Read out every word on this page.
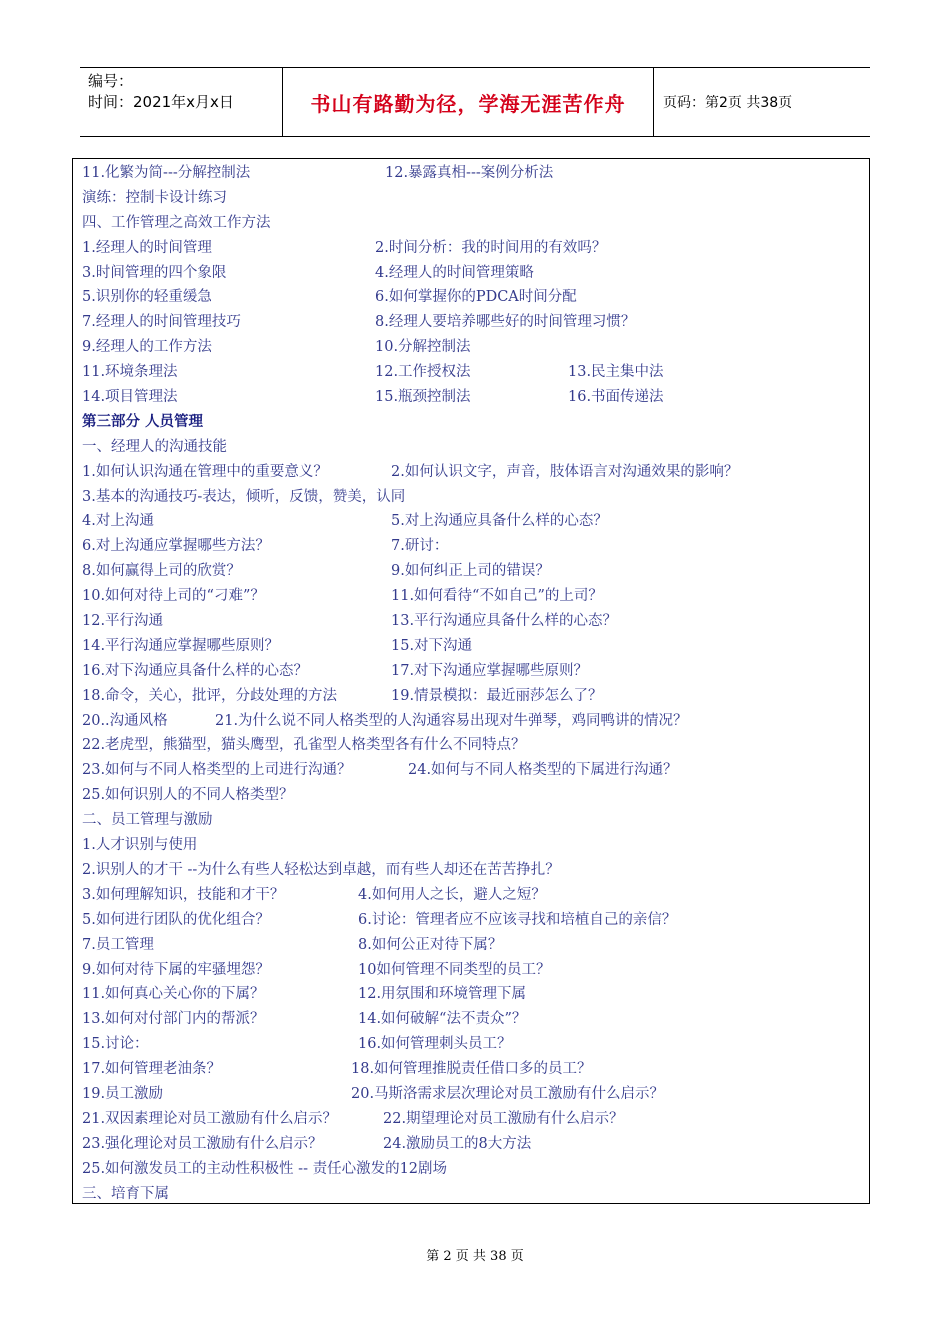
编号：
时间：2021年x月x日	书山有路勤为径，学海无涯苦作舟	页码：第2页 共38页
11.化繁为简---分解控制法	12.暴露真相---案例分析法
演练：控制卡设计练习
四、工作管理之高效工作方法
1.经理人的时间管理	2.时间分析：我的时间用的有效吗？
3.时间管理的四个象限	4.经理人的时间管理策略
5.识别你的轻重缓急	6.如何掌握你的PDCA时间分配
7.经理人的时间管理技巧	8.经理人要培养哪些好的时间管理习惯？
9.经理人的工作方法	10.分解控制法
11.环境条理法	12.工作授权法	13.民主集中法
14.项目管理法	15.瓶颈控制法	16.书面传递法
第三部分 人员管理
一、经理人的沟通技能
1.如何认识沟通在管理中的重要意义？	2.如何认识文字，声音，肢体语言对沟通效果的影响？
3.基本的沟通技巧-表达，倾听，反馈，赞美，认同
4.对上沟通	5.对上沟通应具备什么样的心态？
6.对上沟通应掌握哪些方法？	7.研讨：
8.如何赢得上司的欣赏？	9.如何纠正上司的错误？
10.如何对待上司的“刁难”？	11.如何看待“不如自己”的上司？
12.平行沟通	13.平行沟通应具备什么样的心态？
14.平行沟通应掌握哪些原则？	15.对下沟通
16.对下沟通应具备什么样的心态？	17.对下沟通应掌握哪些原则？
18.命令，关心，批评，分歧处理的方法	19.情景模拟：最近丽莎怎么了？
20..沟通风格	21.为什么说不同人格类型的人沟通容易出现对牛弹琴，鸡同鸭讲的情况？
22.老虎型，熊猫型，猫头鹰型，孔雀型人格类型各有什么不同特点？
23.如何与不同人格类型的上司进行沟通？	24.如何与不同人格类型的下属进行沟通？
25.如何识别人的不同人格类型？
二、员工管理与激励
1.人才识别与使用
2.识别人的才干 --为什么有些人轻松达到卓越，而有些人却还在苦苦挣扎？
3.如何理解知识，技能和才干？	4.如何用人之长，避人之短？
5.如何进行团队的优化组合？	6.讨论：管理者应不应该寻找和培植自己的亲信？
7.员工管理	8.如何公正对待下属？
9.如何对待下属的牢骚埋怨？	10如何管理不同类型的员工？
11.如何真心关心你的下属？	12.用氛围和环境管理下属
13.如何对付部门内的帮派？	14.如何破解“法不责众”？
15.讨论：	16.如何管理刺头员工？
17.如何管理老油条？	18.如何管理推脱责任借口多的员工？
19.员工激励	20.马斯洛需求层次理论对员工激励有什么启示？
21.双因素理论对员工激励有什么启示？	22.期望理论对员工激励有什么启示？
23.强化理论对员工激励有什么启示？	24.激励员工的8大方法
25.如何激发员工的主动性积极性 -- 责任心激发的12剧场
三、培育下属
第 2 页 共 38 页
